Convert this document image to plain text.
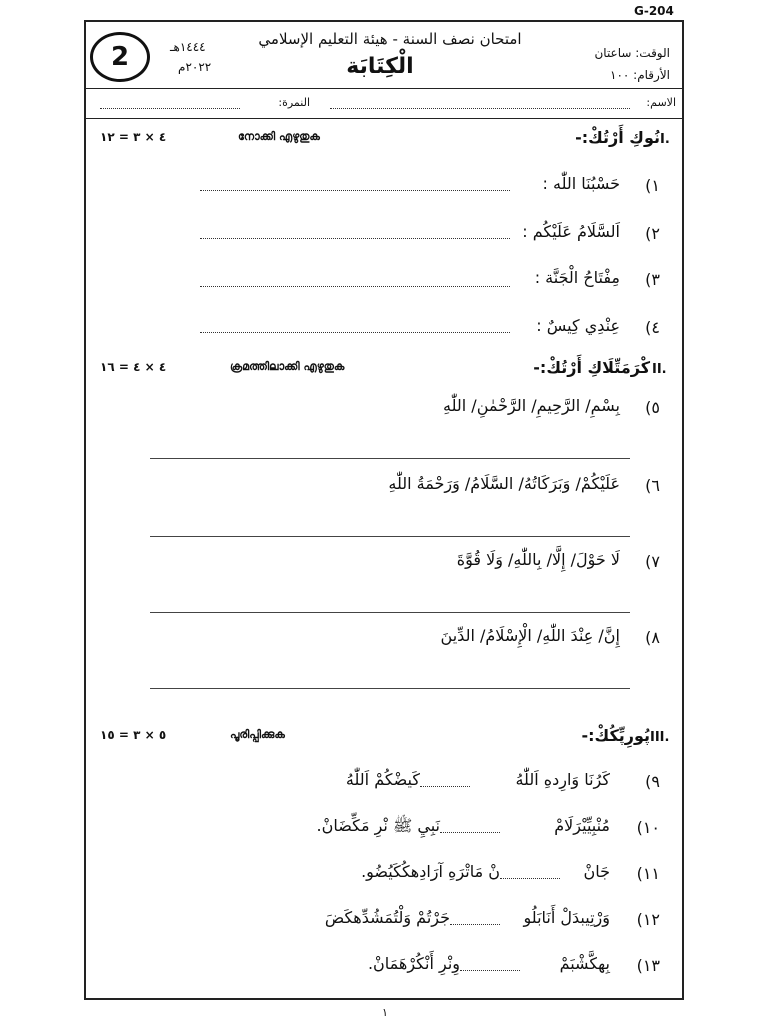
G-204
2	١٤٤٤هـ
٢٠٢٢م
امتحان نصف السنة - هيئة التعليم الإسلامي
الْكِتَابَة
الوقت: ساعتان
الأرقام: ١٠٠
الاسم:
النمرة:
٤ × ٣ = ١٢	നോക്കി എഴുതുക	نُوكِ أَرْتُكْ:- I.
١)
حَسْبُنَا اللّٰه :
٢)
اَلسَّلَامُ عَلَيْكُم :
٣)
مِفْتَاحُ الْجَنَّة :
٤)
عِنْدِي كِيسٌ :
٤ × ٤ = ١٦	ക്രമത്തിലാക്കി എഴുതുക	كْرَمَتِّلَاكِ أَرْتُكْ:- II.
٥)
بِسْمِ/ الرَّحِيمِ/ الرَّحْمٰنِ/ اللّٰهِ
٦)
عَلَيْكُمْ/ وَبَرَكَاتُهُ/ السَّلَامُ/ وَرَحْمَةُ اللّٰهِ
٧)
لَا حَوْلَ/ إِلَّا/ بِاللّٰهِ/ وَلَا قُوَّةَ
٨)
إِنَّ/ عِنْدَ اللّٰهِ/ الْإِسْلَامُ/ الدِّينَ
٥ × ٣ = ١٥	പൂരിപ്പിക്കുക	پُورِپِّكُكْ:- III.
٩)
كَرُنَا وَارِدهِ اَللّٰهُ
كَيضْكُمْ اَللّٰهُ
١٠)
مُنْبِيِّيْرَلَامْ
نَبِيِ ﷺ نْرِ مَكِّضَانْ.
١١)
جَانْ
نْ مَاتْرَهِ آرَادِهكُكَيُضُو.
١٢)
وَرْتِيبدَلْ أَنَابَلُو
جَرْتُمْ وَلْتُمَشُدِّهكَضَ
١٣)
بِهكَّشْبَمْ
وِنْرِ أَنْكُرْهَمَانْ.
١
